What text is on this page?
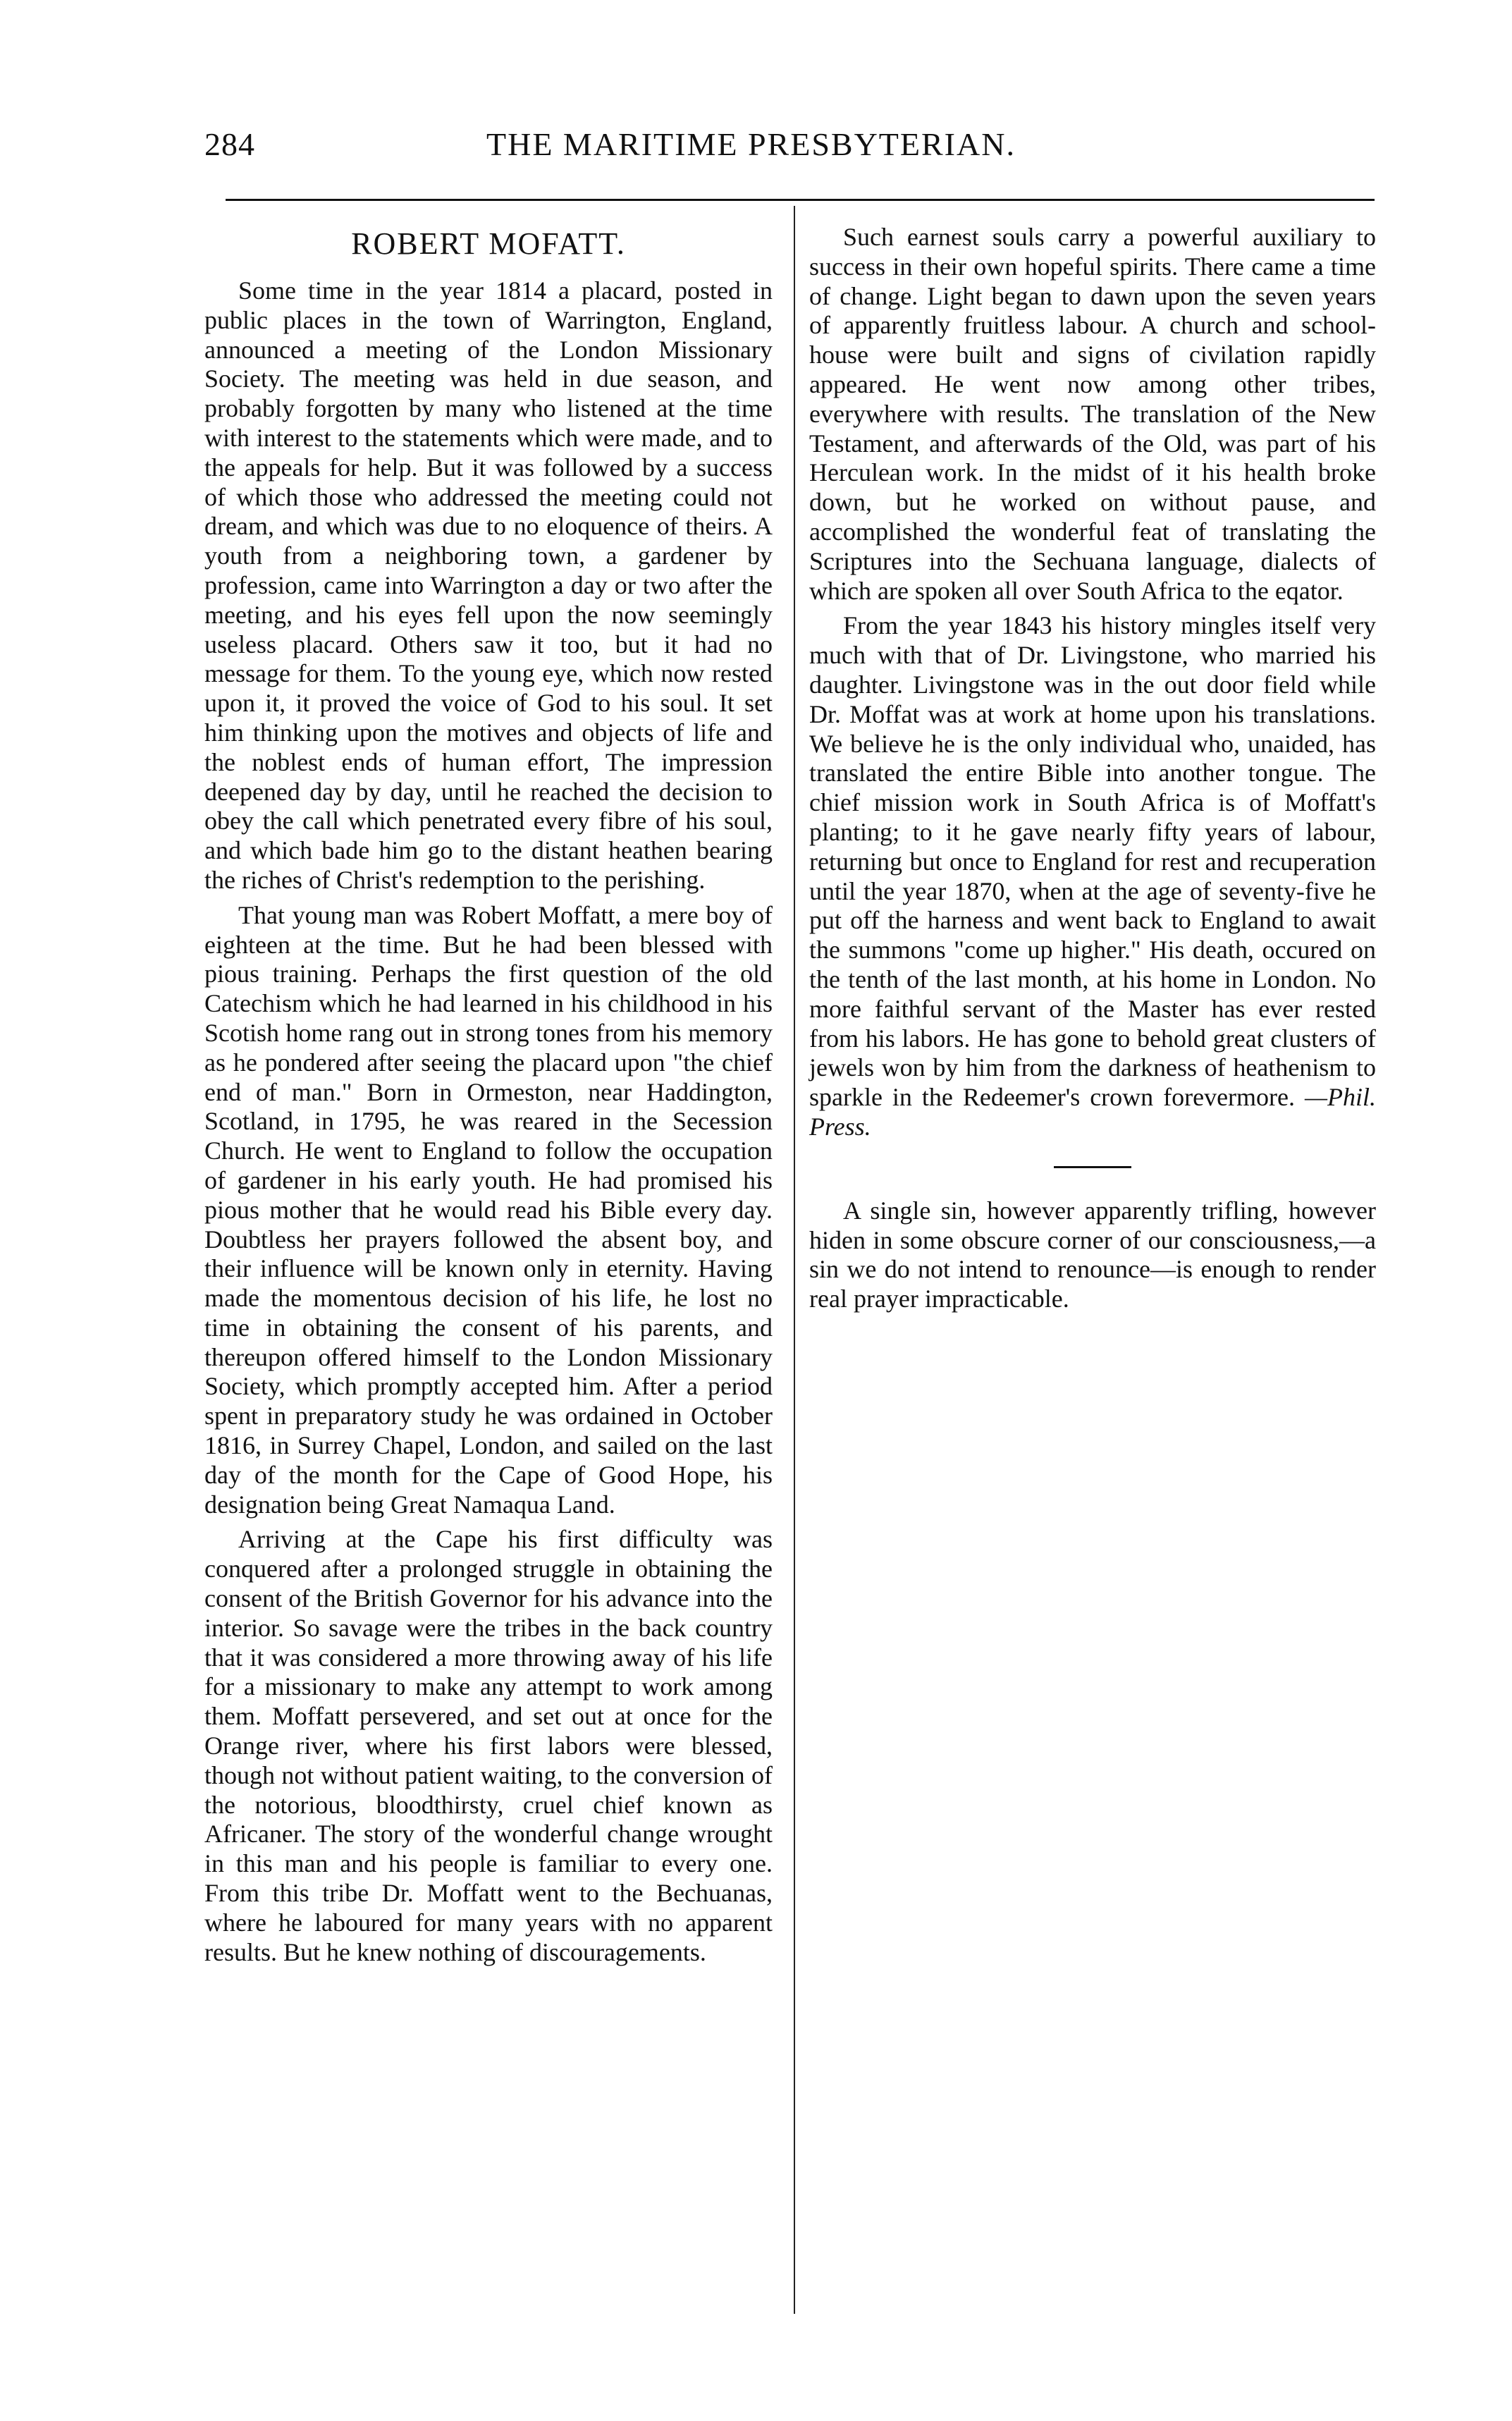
284	THE MARITIME PRESBYTERIAN.
ROBERT MOFATT.

Some time in the year 1814 a placard, posted in public places in the town of Warrington, England, announced a meeting of the London Missionary Society. The meeting was held in due season, and probably forgotten by many who listened at the time with interest to the statements which were made, and to the appeals for help. But it was followed by a success of which those who addressed the meeting could not dream, and which was due to no eloquence of theirs. A youth from a neighboring town, a gardener by profession, came into Warrington a day or two after the meeting, and his eyes fell upon the now seemingly useless placard. Others saw it too, but it had no message for them. To the young eye, which now rested upon it, it proved the voice of God to his soul. It set him thinking upon the motives and objects of life and the noblest ends of human effort, The impression deepened day by day, until he reached the decision to obey the call which penetrated every fibre of his soul, and which bade him go to the distant heathen bearing the riches of Christ's redemption to the perishing.

That young man was Robert Moffatt, a mere boy of eighteen at the time. But he had been blessed with pious training. Perhaps the first question of the old Catechism which he had learned in his childhood in his Scotish home rang out in strong tones from his memory as he pondered after seeing the placard upon "the chief end of man." Born in Ormeston, near Haddington, Scotland, in 1795, he was reared in the Secession Church. He went to England to follow the occupation of gardener in his early youth. He had promised his pious mother that he would read his Bible every day. Doubtless her prayers followed the absent boy, and their influence will be known only in eternity. Having made the momentous decision of his life, he lost no time in obtaining the consent of his parents, and thereupon offered himself to the London Missionary Society, which promptly accepted him. After a period spent in preparatory study he was ordained in October 1816, in Surrey Chapel, London, and sailed on the last day of the month for the Cape of Good Hope, his designation being Great Namaqua Land.

Arriving at the Cape his first difficulty was conquered after a prolonged struggle in obtaining the consent of the British Governor for his advance into the interior. So savage were the tribes in the back country that it was considered a more throwing away of his life for a missionary to make any attempt to work among them. Moffatt persevered, and set out at once for the Orange river, where his first labors were blessed, though not without patient waiting, to the conversion of the notorious, bloodthirsty, cruel chief known as Africaner. The story of the wonderful change wrought in this man and his people is familiar to every one. From this tribe Dr. Moffatt went to the Bechuanas, where he laboured for many years with no apparent results. But he knew nothing of discouragements.

Such earnest souls carry a powerful auxiliary to success in their own hopeful spirits. There came a time of change. Light began to dawn upon the seven years of apparently fruitless labour. A church and school-house were built and signs of civilation rapidly appeared. He went now among other tribes, everywhere with results. The translation of the New Testament, and afterwards of the Old, was part of his Herculean work. In the midst of it his health broke down, but he worked on without pause, and accomplished the wonderful feat of translating the Scriptures into the Sechuana language, dialects of which are spoken all over South Africa to the eqator.

From the year 1843 his history mingles itself very much with that of Dr. Livingstone, who married his daughter. Livingstone was in the out door field while Dr. Moffat was at work at home upon his translations. We believe he is the only individual who, unaided, has translated the entire Bible into another tongue. The chief mission work in South Africa is of Moffatt's planting; to it he gave nearly fifty years of labour, returning but once to England for rest and recuperation until the year 1870, when at the age of seventy-five he put off the harness and went back to England to await the summons "come up higher." His death, occured on the tenth of the last month, at his home in London. No more faithful servant of the Master has ever rested from his labors. He has gone to behold great clusters of jewels won by him from the darkness of heathenism to sparkle in the Redeemer's crown forevermore. —Phil. Press.

A single sin, however apparently trifling, however hiden in some obscure corner of our consciousness,—a sin we do not intend to renounce—is enough to render real prayer impracticable.
